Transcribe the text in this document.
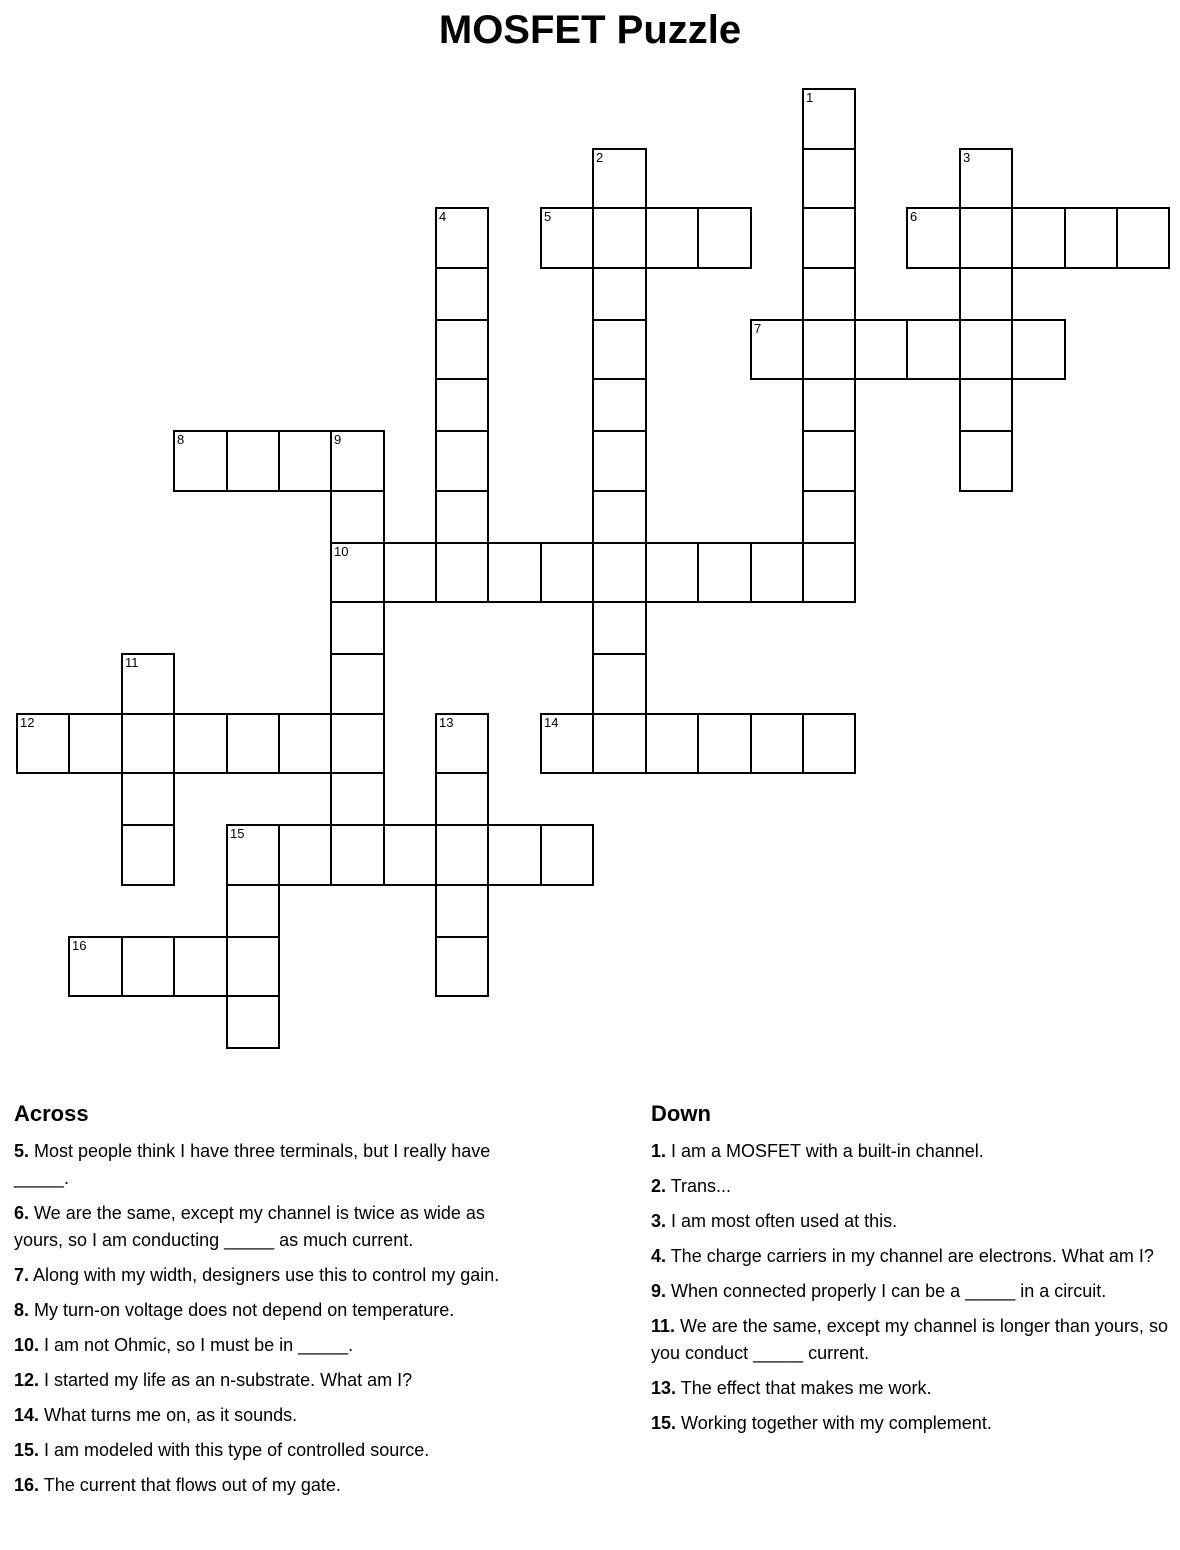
MOSFET Puzzle
1
2	3
4	5	6
7
8	9
10
11
12	13	14
15
16
Across
5. Most people think I have three terminals, but I really have _____.
6. We are the same, except my channel is twice as wide as yours, so I am conducting _____ as much current.
7. Along with my width, designers use this to control my gain.
8. My turn-on voltage does not depend on temperature.
10. I am not Ohmic, so I must be in _____.
12. I started my life as an n-substrate. What am I?
14. What turns me on, as it sounds.
15. I am modeled with this type of controlled source.
16. The current that flows out of my gate.
Down
1. I am a MOSFET with a built-in channel.
2. Trans...
3. I am most often used at this.
4. The charge carriers in my channel are electrons. What am I?
9. When connected properly I can be a _____ in a circuit.
11. We are the same, except my channel is longer than yours, so you conduct _____ current.
13. The effect that makes me work.
15. Working together with my complement.
